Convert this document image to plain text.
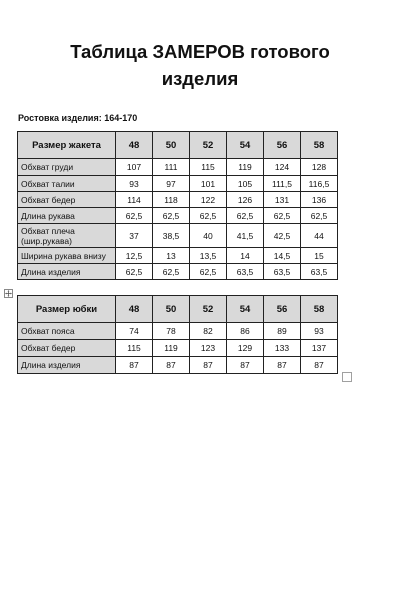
Таблица ЗАМЕРОВ готового
изделия
Ростовка изделия: 164-170
Размер жакета	48	50	52	54	56	58
Обхват груди	107	111	115	119	124	128
Обхват талии	93	97	101	105	111,5	116,5
Обхват бедер	114	118	122	126	131	136
Длина рукава	62,5	62,5	62,5	62,5	62,5	62,5
Обхват плеча (шир.рукава)	37	38,5	40	41,5	42,5	44
Ширина рукава внизу	12,5	13	13,5	14	14,5	15
Длина изделия	62,5	62,5	62,5	63,5	63,5	63,5
Размер юбки	48	50	52	54	56	58
Обхват пояса	74	78	82	86	89	93
Обхват бедер	115	119	123	129	133	137
Длина изделия	87	87	87	87	87	87
